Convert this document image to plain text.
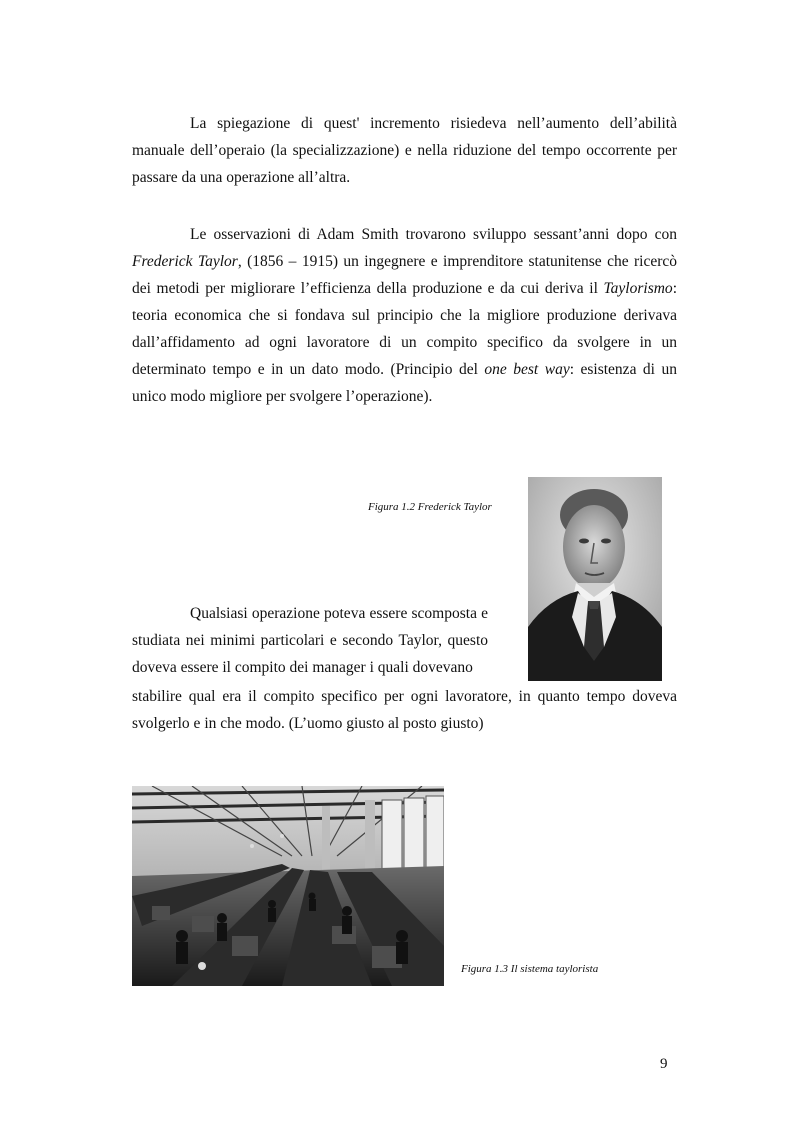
La spiegazione di quest' incremento risiedeva nell’aumento dell’abilità manuale dell’operaio (la specializzazione) e nella riduzione del tempo occorrente per passare da una operazione all’altra.

Le osservazioni di Adam Smith trovarono sviluppo sessant’anni dopo con Frederick Taylor, (1856 – 1915) un ingegnere e imprenditore statunitense che ricercò dei metodi per migliorare l’efficienza della produzione e da cui deriva il Taylorismo: teoria economica che si fondava sul principio che la migliore produzione derivava dall’affidamento ad ogni lavoratore di un compito specifico da svolgere in un determinato tempo e in un dato modo. (Principio del one best way: esistenza di un unico modo migliore per svolgere l’operazione).

Figura 1.2 Frederick Taylor

Qualsiasi operazione poteva essere scomposta e studiata nei minimi particolari e secondo Taylor, questo doveva essere il compito dei manager i quali dovevano

stabilire qual era il compito specifico per ogni lavoratore, in quanto tempo doveva svolgerlo e in che modo. (L’uomo giusto al posto giusto)

Figura 1.3 Il sistema taylorista

9
